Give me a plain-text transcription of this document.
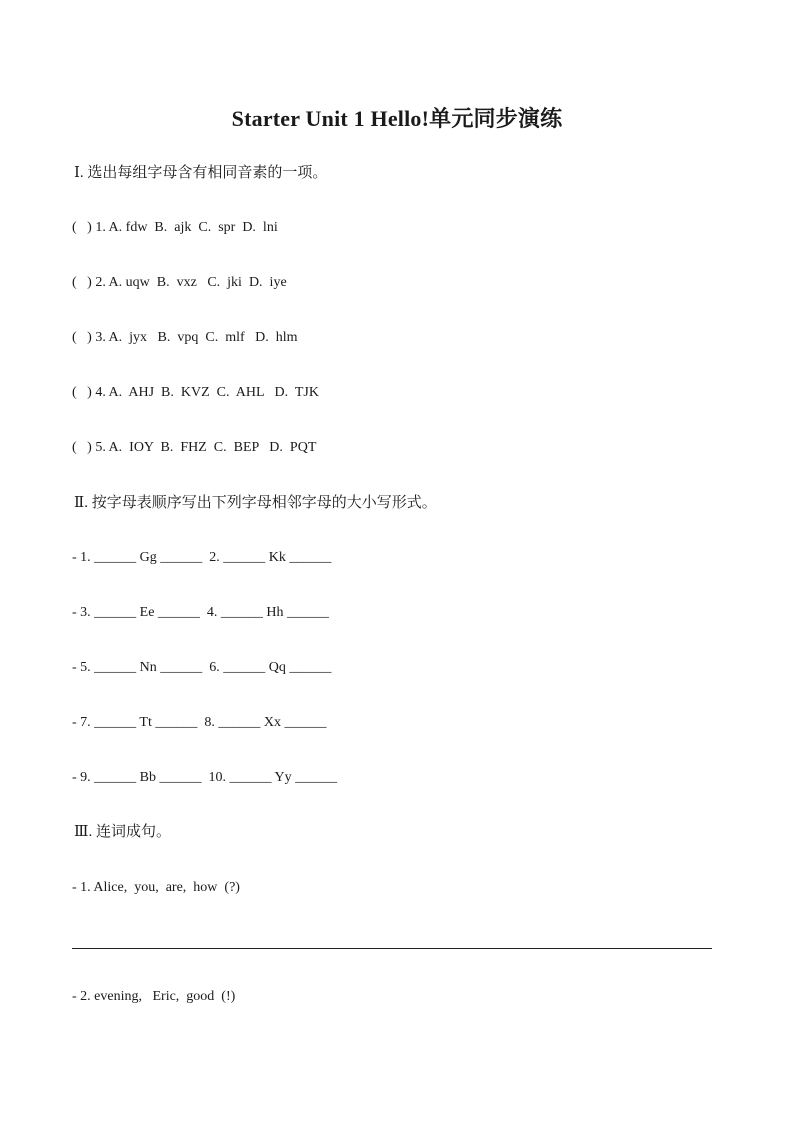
Starter Unit 1 Hello!单元同步演练
Ⅰ. 选出每组字母含有相同音素的一项。
(   ) 1. A. fdw  B.  ajk  C.  spr  D.  lni
(   ) 2. A. uqw  B.  vxz   C.  jki  D.  iye
(   ) 3. A.  jyx   B.  vpq  C.  mlf   D.  hlm
(   ) 4. A.  AHJ  B.  KVZ  C.  AHL   D.  TJK
(   ) 5. A.  IOY  B.  FHZ  C.  BEP   D.  PQT
Ⅱ. 按字母表顺序写出下列字母相邻字母的大小写形式。
- 1. ______ Gg ______  2. ______ Kk ______
- 3. ______ Ee ______  4. ______ Hh ______
- 5. ______ Nn ______  6. ______ Qq ______
- 7. ______ Tt ______  8. ______ Xx ______
- 9. ______ Bb ______  10. ______ Yy ______
Ⅲ. 连词成句。
- 1. Alice,  you,  are,  how  (?)
- 2. evening,   Eric,  good  (!)
